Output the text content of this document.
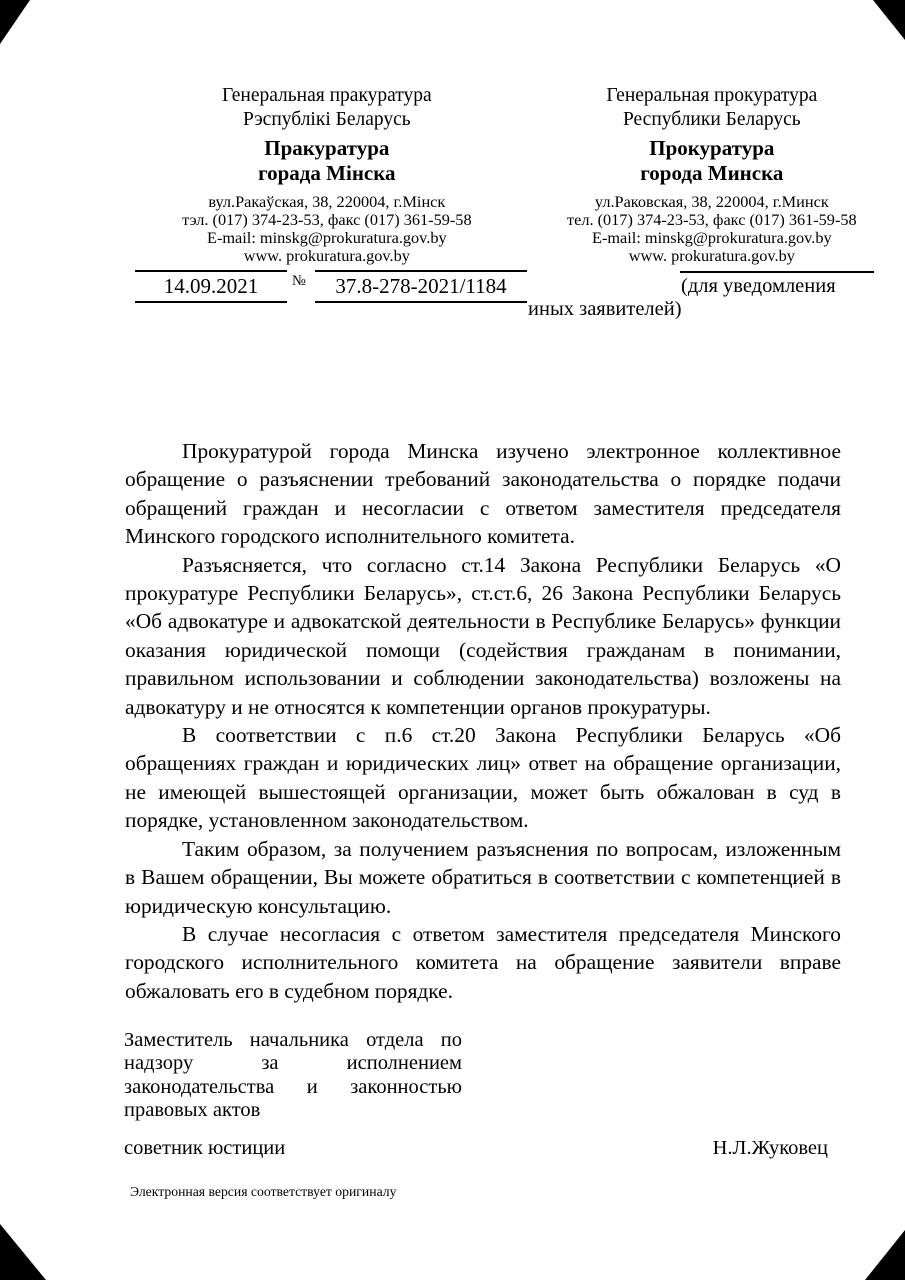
Генеральная пракуратура
Рэспублікі Беларусь
Пракуратура
горада Мінска
вул.Ракаўская, 38, 220004, г.Мінск
тэл. (017) 374-23-53, факс (017) 361-59-58
E-mail: minskg@prokuratura.gov.by
www. prokuratura.gov.by
Генеральная прокуратура
Республики Беларусь
Прокуратура
города Минска
ул.Раковская, 38, 220004, г.Минск
тел. (017) 374-23-53, факс (017) 361-59-58
E-mail: minskg@prokuratura.gov.by
www. prokuratura.gov.by
14.09.2021	№	37.8-278-2021/1184	(для уведомления
иных заявителей)

Прокуратурой города Минска изучено электронное коллективное обращение о разъяснении требований законодательства о порядке подачи обращений граждан и несогласии с ответом заместителя председателя Минского городского исполнительного комитета.

Разъясняется, что согласно ст.14 Закона Республики Беларусь «О прокуратуре Республики Беларусь», ст.ст.6, 26 Закона Республики Беларусь «Об адвокатуре и адвокатской деятельности в Республике Беларусь» функции оказания юридической помощи (содействия гражданам в понимании, правильном использовании и соблюдении законодательства) возложены на адвокатуру и не относятся к компетенции органов прокуратуры.

В соответствии с п.6 ст.20 Закона Республики Беларусь «Об обращениях граждан и юридических лиц» ответ на обращение организации, не имеющей вышестоящей организации, может быть обжалован в суд в порядке, установленном законодательством.

Таким образом, за получением разъяснения по вопросам, изложенным в Вашем обращении, Вы можете обратиться в соответствии с компетенцией в юридическую консультацию.

В случае несогласия с ответом заместителя председателя Минского городского исполнительного комитета на обращение заявители вправе обжаловать его в судебном порядке.

Заместитель начальника отдела по надзору за исполнением законодательства и законностью правовых актов
советник юстиции	Н.Л.Жуковец
Электронная версия соответствует оригиналу
